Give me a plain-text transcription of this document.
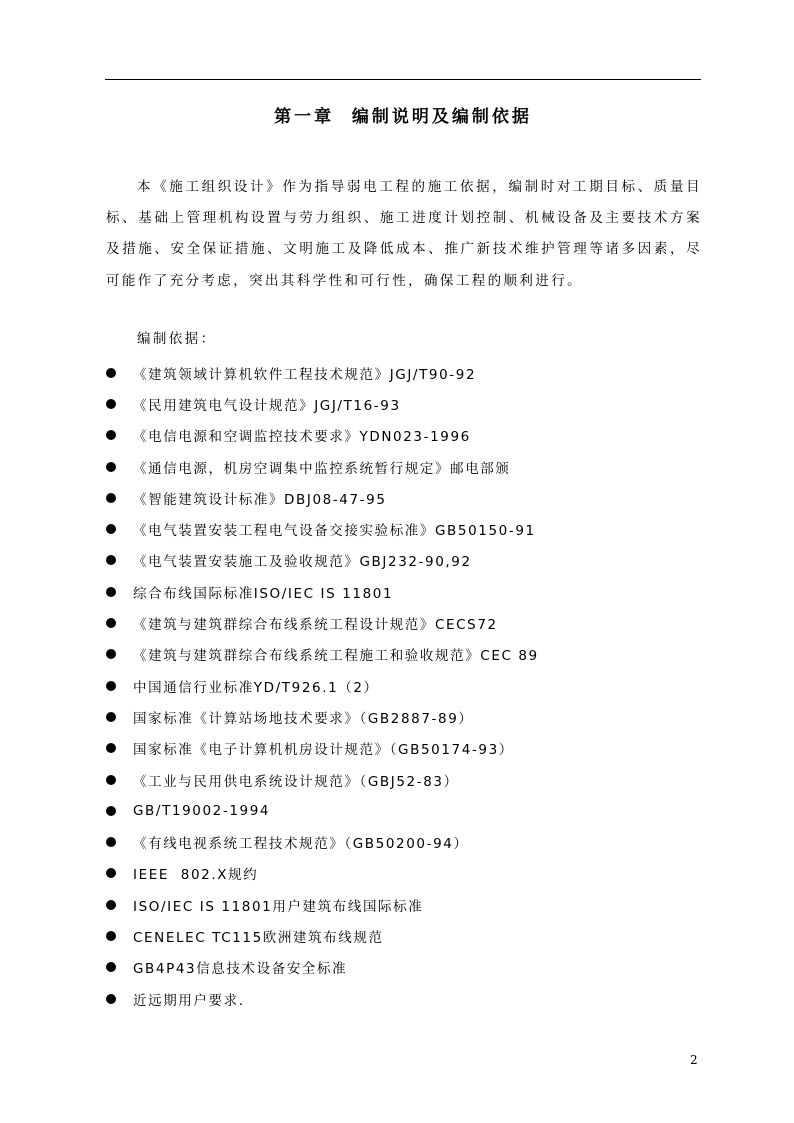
第一章  编制说明及编制依据

本《施工组织设计》作为指导弱电工程的施工依据，编制时对工期目标、质量目标、基础上管理机构设置与劳力组织、施工进度计划控制、机械设备及主要技术方案及措施、安全保证措施、文明施工及降低成本、推广新技术维护管理等诸多因素，尽可能作了充分考虑，突出其科学性和可行性，确保工程的顺利进行。

编制依据：
《建筑领域计算机软件工程技术规范》JGJ/T90-92
《民用建筑电气设计规范》JGJ/T16-93
《电信电源和空调监控技术要求》YDN023-1996
《通信电源，机房空调集中监控系统暂行规定》邮电部颁
《智能建筑设计标准》DBJ08-47-95
《电气装置安装工程电气设备交接实验标准》GB50150-91
《电气装置安装施工及验收规范》GBJ232-90,92
综合布线国际标准ISO/IEC IS 11801
《建筑与建筑群综合布线系统工程设计规范》CECS72
《建筑与建筑群综合布线系统工程施工和验收规范》CEC 89
中国通信行业标准YD/T926.1（2）
国家标准《计算站场地技术要求》（GB2887-89）
国家标准《电子计算机机房设计规范》（GB50174-93）
《工业与民用供电系统设计规范》（GBJ52-83）
GB/T19002-1994
《有线电视系统工程技术规范》（GB50200-94）
IEEE  802.X规约
ISO/IEC IS 11801用户建筑布线国际标准
CENELEC TC115欧洲建筑布线规范
GB4P43信息技术设备安全标准
近远期用户要求.
2
